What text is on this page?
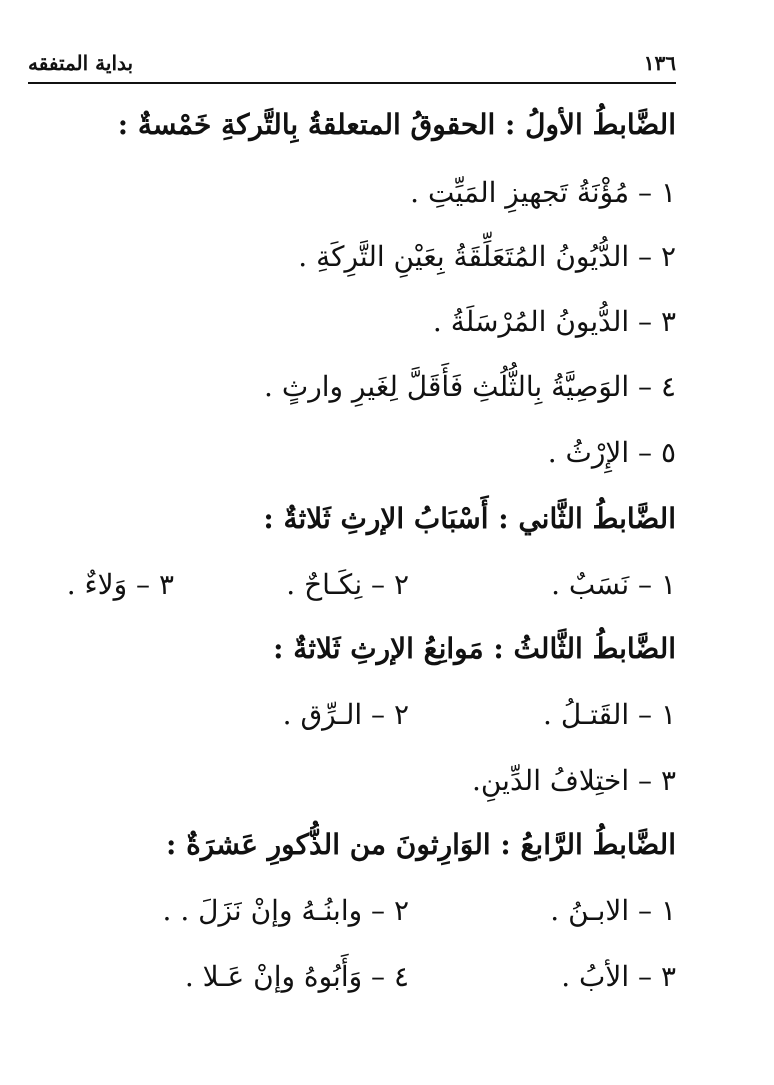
١٣٦
بداية المتفقه
الضَّابطُ الأولُ : الحقوقُ المتعلقةُ بِالتَّركةِ خَمْسةٌ :
١ – مُؤْنَةُ تَجهيزِ المَيِّتِ .
٢ – الدُّيُونُ المُتَعَلِّقَةُ بِعَيْنِ التَّرِكَةِ .
٣ – الدُّيونُ المُرْسَلَةُ .
٤ – الوَصِيَّةُ بِالثُّلُثِ فَأَقَلَّ لِغَيرِ وارثٍ .
٥ – الإِرْثُ .
الضَّابطُ الثَّاني : أَسْبَابُ الإرثِ ثَلاثةٌ :
١ – نَسَبٌ .
٢ – نِكَـاحٌ .
٣ – وَلاءٌ .
الضَّابطُ الثَّالثُ : مَوانِعُ الإرثِ ثَلاثةٌ :
١ – القَتـلُ .
٢ – الـرِّق .
٣ – اختِلافُ الدِّينِ.
الضَّابطُ الرَّابعُ : الوَارِثونَ من الذُّكورِ عَشرَةٌ :
١ – الابـنُ .
٢ – وابنُـهُ وإنْ نَزَلَ . .
٣ – الأبُ .
٤ – وَأَبُوهُ وإنْ عَـلا .
